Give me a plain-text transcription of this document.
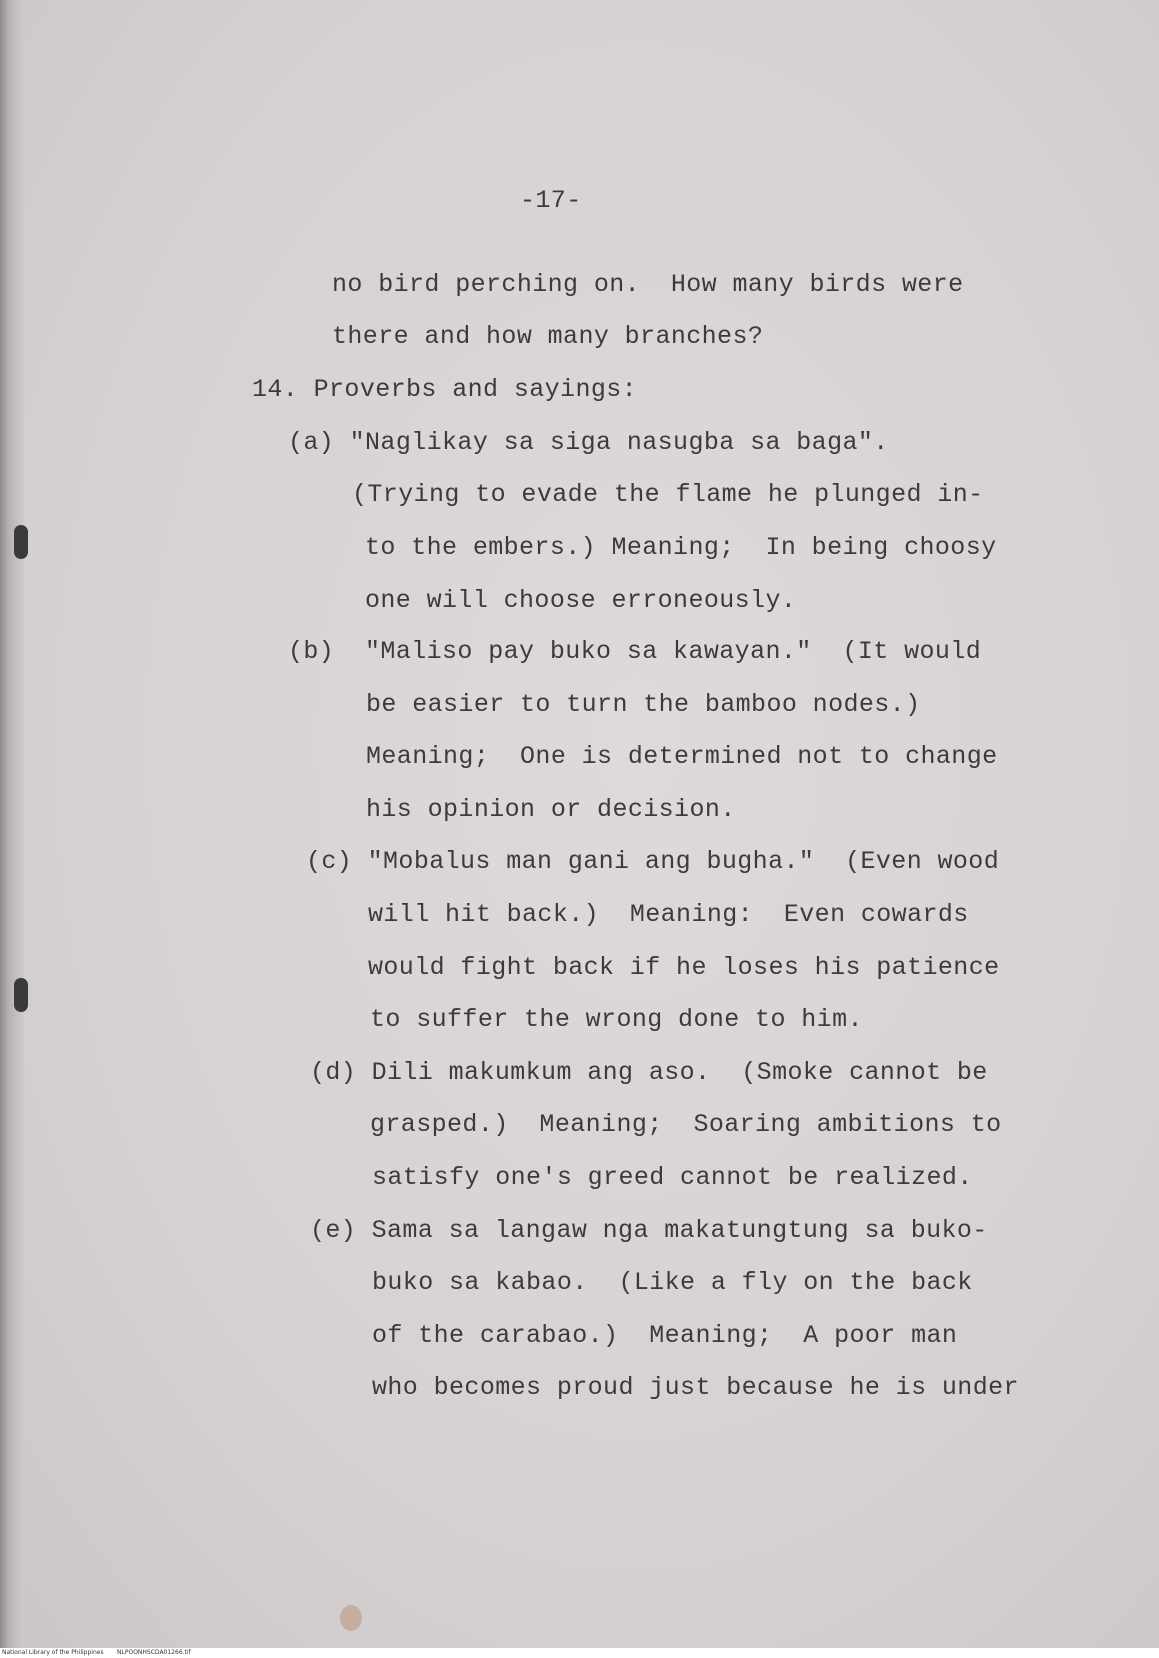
-17-

no bird perching on.  How many birds were

there and how many branches?

14. Proverbs and sayings:

(a) "Naglikay sa siga nasugba sa baga".

(Trying to evade the flame he plunged in-

to the embers.) Meaning;  In being choosy

one will choose erroneously.

(b)  "Maliso pay buko sa kawayan."  (It would

be easier to turn the bamboo nodes.)

Meaning;  One is determined not to change

his opinion or decision.

(c) "Mobalus man gani ang bugha."  (Even wood

will hit back.)  Meaning:  Even cowards

would fight back if he loses his patience

to suffer the wrong done to him.

(d) Dili makumkum ang aso.  (Smoke cannot be

grasped.)  Meaning;  Soaring ambitions to

satisfy one's greed cannot be realized.

(e) Sama sa langaw nga makatungtung sa buko-

buko sa kabao.  (Like a fly on the back

of the carabao.)  Meaning;  A poor man

who becomes proud just because he is under

National Library of the Philippines NLPOONHSCDA01266.tif
